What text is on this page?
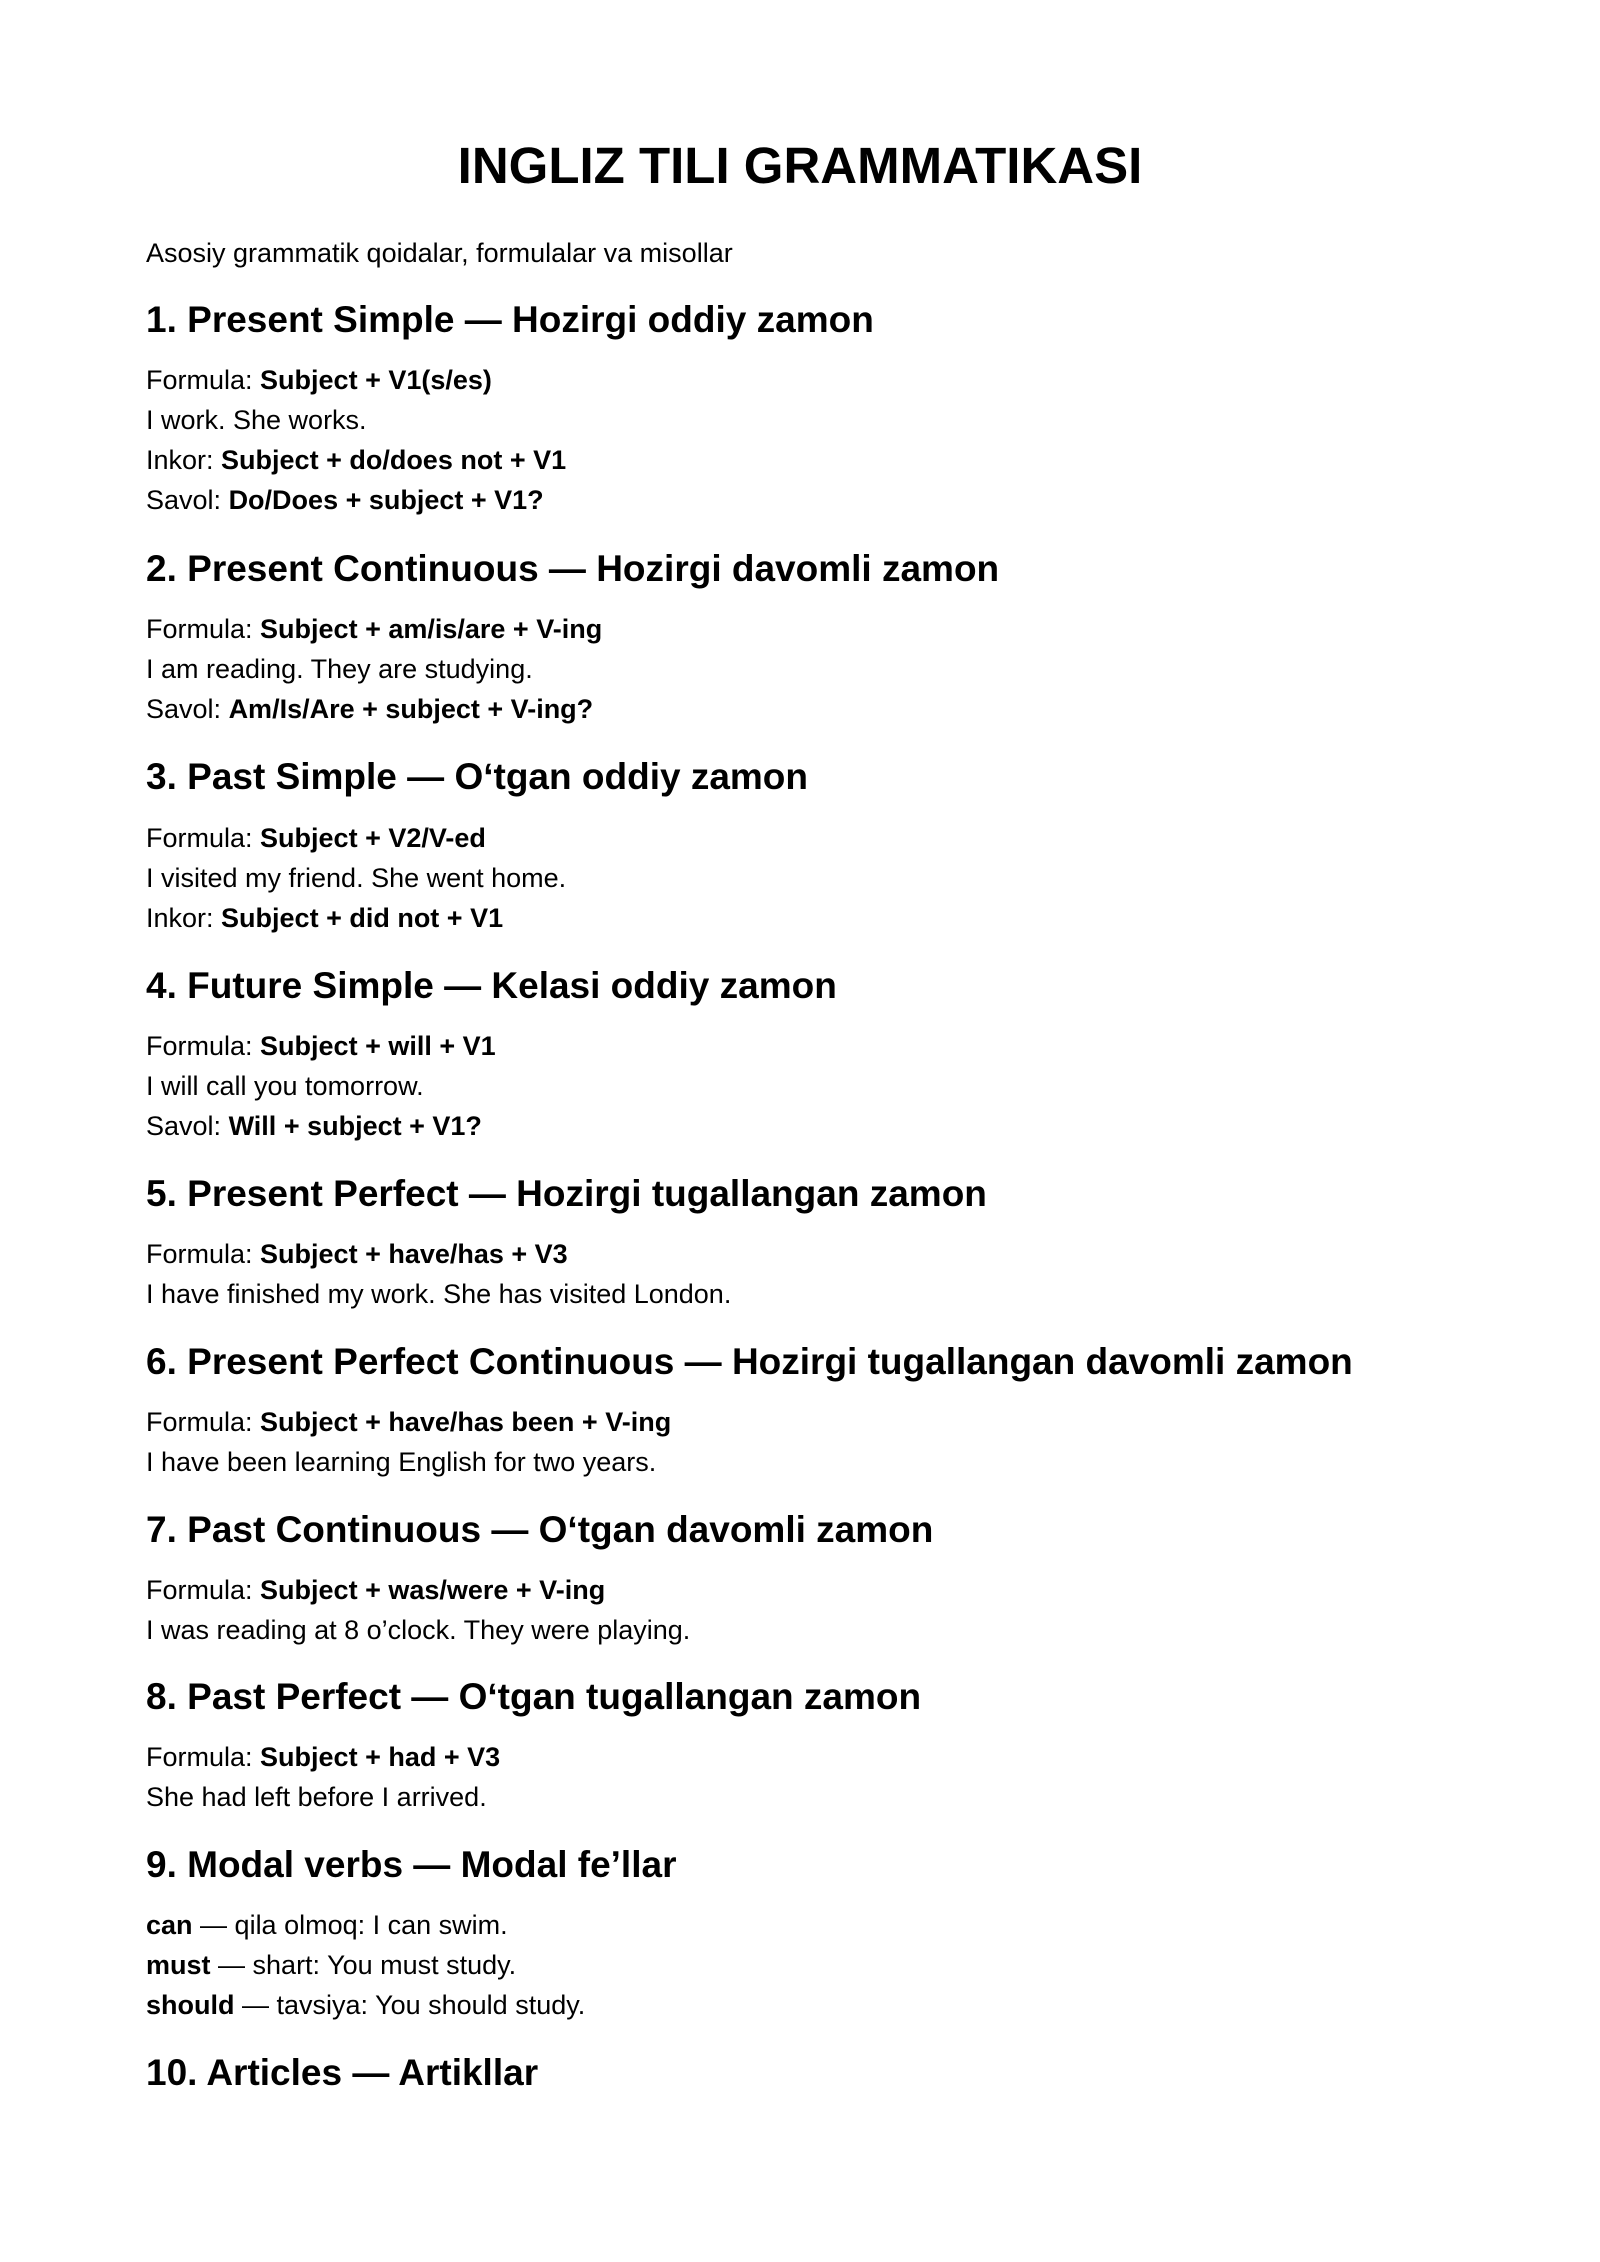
INGLIZ TILI GRAMMATIKASI

Asosiy grammatik qoidalar, formulalar va misollar

1. Present Simple — Hozirgi oddiy zamon

Formula: Subject + V1(s/es)

I work. She works.

Inkor: Subject + do/does not + V1

Savol: Do/Does + subject + V1?

2. Present Continuous — Hozirgi davomli zamon

Formula: Subject + am/is/are + V-ing

I am reading. They are studying.

Savol: Am/Is/Are + subject + V-ing?

3. Past Simple — O‘tgan oddiy zamon

Formula: Subject + V2/V-ed

I visited my friend. She went home.

Inkor: Subject + did not + V1

4. Future Simple — Kelasi oddiy zamon

Formula: Subject + will + V1

I will call you tomorrow.

Savol: Will + subject + V1?

5. Present Perfect — Hozirgi tugallangan zamon

Formula: Subject + have/has + V3

I have finished my work. She has visited London.

6. Present Perfect Continuous — Hozirgi tugallangan davomli zamon

Formula: Subject + have/has been + V-ing

I have been learning English for two years.

7. Past Continuous — O‘tgan davomli zamon

Formula: Subject + was/were + V-ing

I was reading at 8 o’clock. They were playing.

8. Past Perfect — O‘tgan tugallangan zamon

Formula: Subject + had + V3

She had left before I arrived.

9. Modal verbs — Modal fe’llar

can — qila olmoq: I can swim.

must — shart: You must study.

should — tavsiya: You should study.

10. Articles — Artikllar
